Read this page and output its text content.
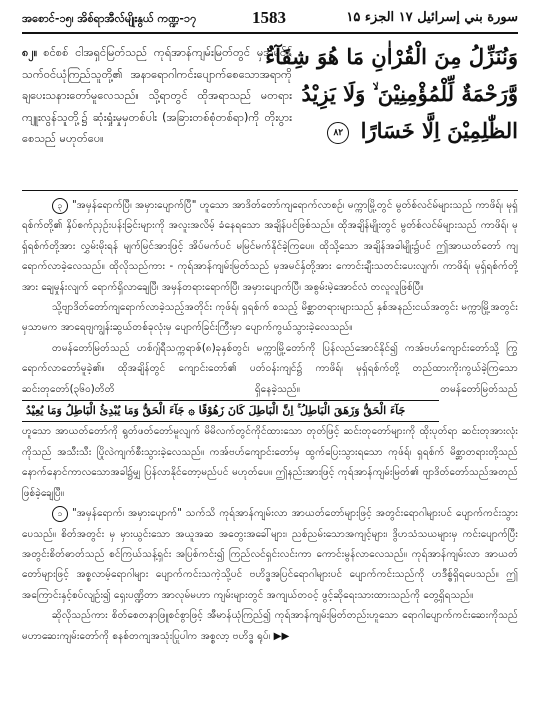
အစောင်-၁၅၊ အိစ်ရာအီလ်မျိုးနွယ် ကဏ္ဍ-၁၇	1583	سورة بني إسرائيل ۱۷ الجزء ۱۵
၈၂။ စင်စစ် ငါအရှင်မြတ်သည် ကုရ်အာန်ကျမ်းမြတ်တွင် မှအမင်နှ် သက်ဝင်ယုံကြည်သူတို့၏ အနာရောဂါကင်းပျောက်စေသောအရာကို ချပေးသနားတော်မူလေသည်။ သို့ရာတွင် ထိုအရာသည် မတရားကျူးလွန်သူတို့၌ ဆုံးရှုံးမှုမှတစ်ပါး (အခြားတစ်စုံတစ်ရာ)ကို တိုးပွားစေသည် မဟုတ်ပေ။
وَنُنَزِّلُ مِنَ الْقُرْاٰنِ مَا هُوَ شِفَآءٌ
وَّرَحْمَةٌ لِّلْمُؤْمِنِيْنَ ۙ وَلَا يَزِيْدُ
الظّٰلِمِيْنَ اِلَّا خَسَارًا ٨٢

၃ "အမှန်ရောက်ပြီ၊ အမှားပျောက်ပြီ" ဟူသော အာဒိတ်တော်ကျရောက်လာစဉ်၊ မက္ကာမြို့တွင် မွတ်စ်လင်မ်များသည် ကာဖိရ်၊ မုရှ်ရစ်က်တို့၏ နှိပ်စက်ညှဉ်းပန်းခြင်းများကို အလူးအလိမ့် ခံနေရသော အချိန်ပင်ဖြစ်သည်။ ထိုအချိန်မျိုးတွင် မွတ်စ်လင်မ်များသည် ကာဖိရ်၊ မုရှ်ရစ်က်တို့အား လွှမ်းမိုးရန် မျက်မြင်အားဖြင့် အိပ်မက်ပင် မမြင်မက်နိုင်ခဲ့ကြပေ။ ထိုသို့သော အချိန်အခါမျိုး၌ပင် ဤအာယတ်တော် ကျရောက်လာခဲ့လေသည်။ ထိုလိုသည်ကား - ကုရ်အာန်ကျမ်းမြတ်သည် မှအမင်နှ်တို့အား ကောင်းချီးသတင်းပေးလျက်၊ ကာဖိရ်၊ မုရှ်ရစ်က်တို့အား ချေမှုန်းလျက် ရောက်ရှိလာချေပြီ၊ အမှန်တရားရောက်ပြီ၊ အမှားပျောက်ပြီ၊ အစွမ်းမဲ့အောင်လံ တလူလူဖြစ်ပြီ။

သို့ဗျာဒိတ်တော်ကျရောက်လာခဲ့သည့်အတိုင်း ကုဖ်ရ်၊ ရှရစ်က် စသည့် မိစ္ဆာတရားများသည် နှစ်အနည်းငယ်အတွင်း မက္ကာမြို့အတွင်းမှသာမက အာရေဗျကျွန်းဆွယ်တစ်ခုလုံးမှ ပျောက်ခြင်းကြီးမှာ ပျောက်ကွယ်သွားခဲ့လေသည်။

တမန်တော်မြတ်သည် ဟစ်ဂျ်ရီသက္ကရာဇ်(၈)ခုနှစ်တွင်၊ မက္ကာမြို့တော်ကို ပြန်လည်အောင်နိုင်၍ ကအ်ဗဟ်ကျောင်းတော်သို့ ကြွရောက်လာတော်မူခဲ့၏။ ထိုအချိန်တွင် ကျောင်းတော်၏ ပတ်ဝန်းကျင်၌ ကာဖိရ်၊ မုရှ်ရစ်က်တို့ တည်ထားကိုးကွယ်ခဲ့ကြသော ဆင်းတုတော်(၃၆၀)တိတိ ရှိနေခဲ့သည်။ တမန်တော်မြတ်သည် جَآءَ الْحَقُّ وَزَهَقَ الْبَاطِلُ ۚ اِنَّ الْبَاطِلَ كَانَ زَهُوْقًا ۞ جَآءَ الْحَقُّ وَمَا يُبْدِئُ الْبَاطِلُ وَمَا يُعِيْدُ

ဟူသော အာယတ်တော်ကို ရွတ်ဖတ်တော်မူလျက် မိမိလက်တွင်ကိုင်ထားသော တုတ်ဖြင့် ဆင်းတုတော်များကို ထိုးပုတ်ရာ ဆင်းတုအားလုံးကိုသည် အသီးသီး ပြိုလဲကျက်စီးသွားခဲ့လေသည်။ ကအ်ဗဟ်ကျောင်းတော်မှ ထွက်ပြေးသွားရသော ကုဖ်ရ်၊ ရှရစ်က် မိစ္ဆာတရားတို့သည် နောက်နောင်ကာလသောအခါ၌မျှ ပြန်လာနိုင်တော့မည်ပင် မဟုတ်ပေ။ ဤနည်းအားဖြင့် ကုရ်အာန်ကျမ်းမြတ်၏ ဗျာဒိတ်တော်သည်အတည်ဖြစ်ခဲ့ချေပြီ။

၁ "အမှန်ရောက်၊ အမှားပျောက်" သက်သိ ကုရ်အာန်ကျမ်းလာ အာယတ်တော်များဖြင့် အတွင်းရောဂါများပင် ပျောက်ကင်းသွားပေသည်။ စိတ်အတွင်း မှ မှားယွင်းသော အယူအဆ အတွေးအခေါ်များ၊ ညစ်ညမ်းသောအကျင့်များ၊ ဒွိဟသံသယများမှ ကင်းပျောက်ပြီး အတွင်းစိတ်ဓာတ်သည် စင်ကြယ်သန့်ရှင်း အပြစ်ကင်း၍ ကြည်လင်ရှင်းလင်းကာ ကောင်းမွန်လာလေသည်။ ကုရ်အာန်ကျမ်းလာ အာယတ်တော်များဖြင့် အစ္စလာမ့်ရောဂါများ ပျောက်ကင်းသကဲ့သို့ပင် ဗဟိဒ္ဓအပြင်ရောဂါများပင် ပျောက်ကင်းသည်ကို ဟဒီစ္စ်ရှိရပေသည်။ ဤအကြောင်းနှင့်စပ်လျဉ်း၍ ရှေးပဏ္ဍိတာ အာလုမ်မဟာ ကျမ်းများတွင် အကျယ်တဝင့် ဖွင့်ဆိုရေးသားထားသည်ကို တွေ့ရှိရသည်။

ဆိုလိုသည်ကား စိတ်စေတနာဖြူစင်စွာဖြင့် အီမာန်ယုံကြည်၍ ကုရ်အာန်ကျမ်းမြတ်တည်းဟူသော ရောဂါပျောက်ကင်းဆေးကိုသည် မဟာဆေးကျမ်းတော်ကို စနစ်တကျအသုံးပြုပါက အစ္စလာ့ ဗဟိဒ္ဓ ရုပ်၊ ▶▶
